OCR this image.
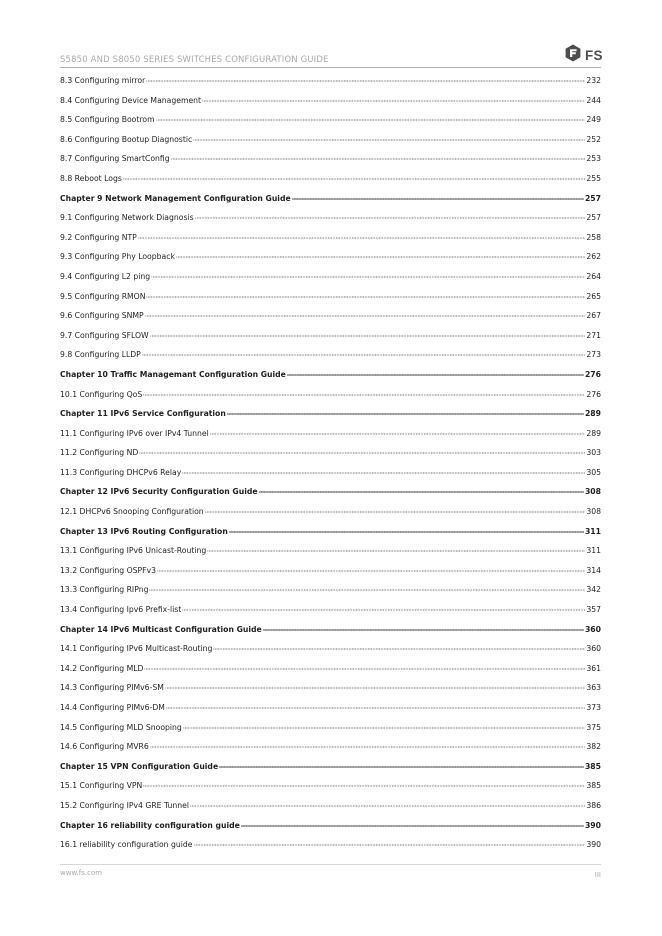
S5850 AND S8050 SERIES SWITCHES CONFIGURATION GUIDE	FS
8.3 Configuring mirror	232
8.4 Configuring Device Management	244
8.5 Configuring Bootrom	249
8.6 Configuring Bootup Diagnostic	252
8.7 Configuring SmartConfig	253
8.8 Reboot Logs	255
Chapter 9 Network Management Configuration Guide	257
9.1 Configuring Network Diagnosis	257
9.2 Configuring NTP	258
9.3 Configuring Phy Loopback	262
9.4 Configuring L2 ping	264
9.5 Configuring RMON	265
9.6 Configuring SNMP	267
9.7 Configuring SFLOW	271
9.8 Configuring LLDP	273
Chapter 10 Traffic Managemant Configuration Guide	276
10.1 Configuring QoS	276
Chapter 11 IPv6 Service Configuration	289
11.1 Configuring IPv6 over IPv4 Tunnel	289
11.2 Configuring ND	303
11.3 Configuring DHCPv6 Relay	305
Chapter 12 IPv6 Security Configuration Guide	308
12.1 DHCPv6 Snooping Configuration	308
Chapter 13 IPv6 Routing Configuration	311
13.1 Configuring IPv6 Unicast-Routing	311
13.2 Configuring OSPFv3	314
13.3 Configuring RIPng	342
13.4 Configuring Ipv6 Prefix-list	357
Chapter 14 IPv6 Multicast Configuration Guide	360
14.1 Configuring IPv6 Multicast-Routing	360
14.2 Configuring MLD	361
14.3 Configuring PIMv6-SM	363
14.4 Configuring PIMv6-DM	373
14.5 Configuring MLD Snooping	375
14.6 Configuring MVR6	382
Chapter 15 VPN Configuration Guide	385
15.1 Configuring VPN	385
15.2 Configuring IPv4 GRE Tunnel	386
Chapter 16 reliability configuration guide	390
16.1 reliability configuration guide	390
www.fs.com	III
